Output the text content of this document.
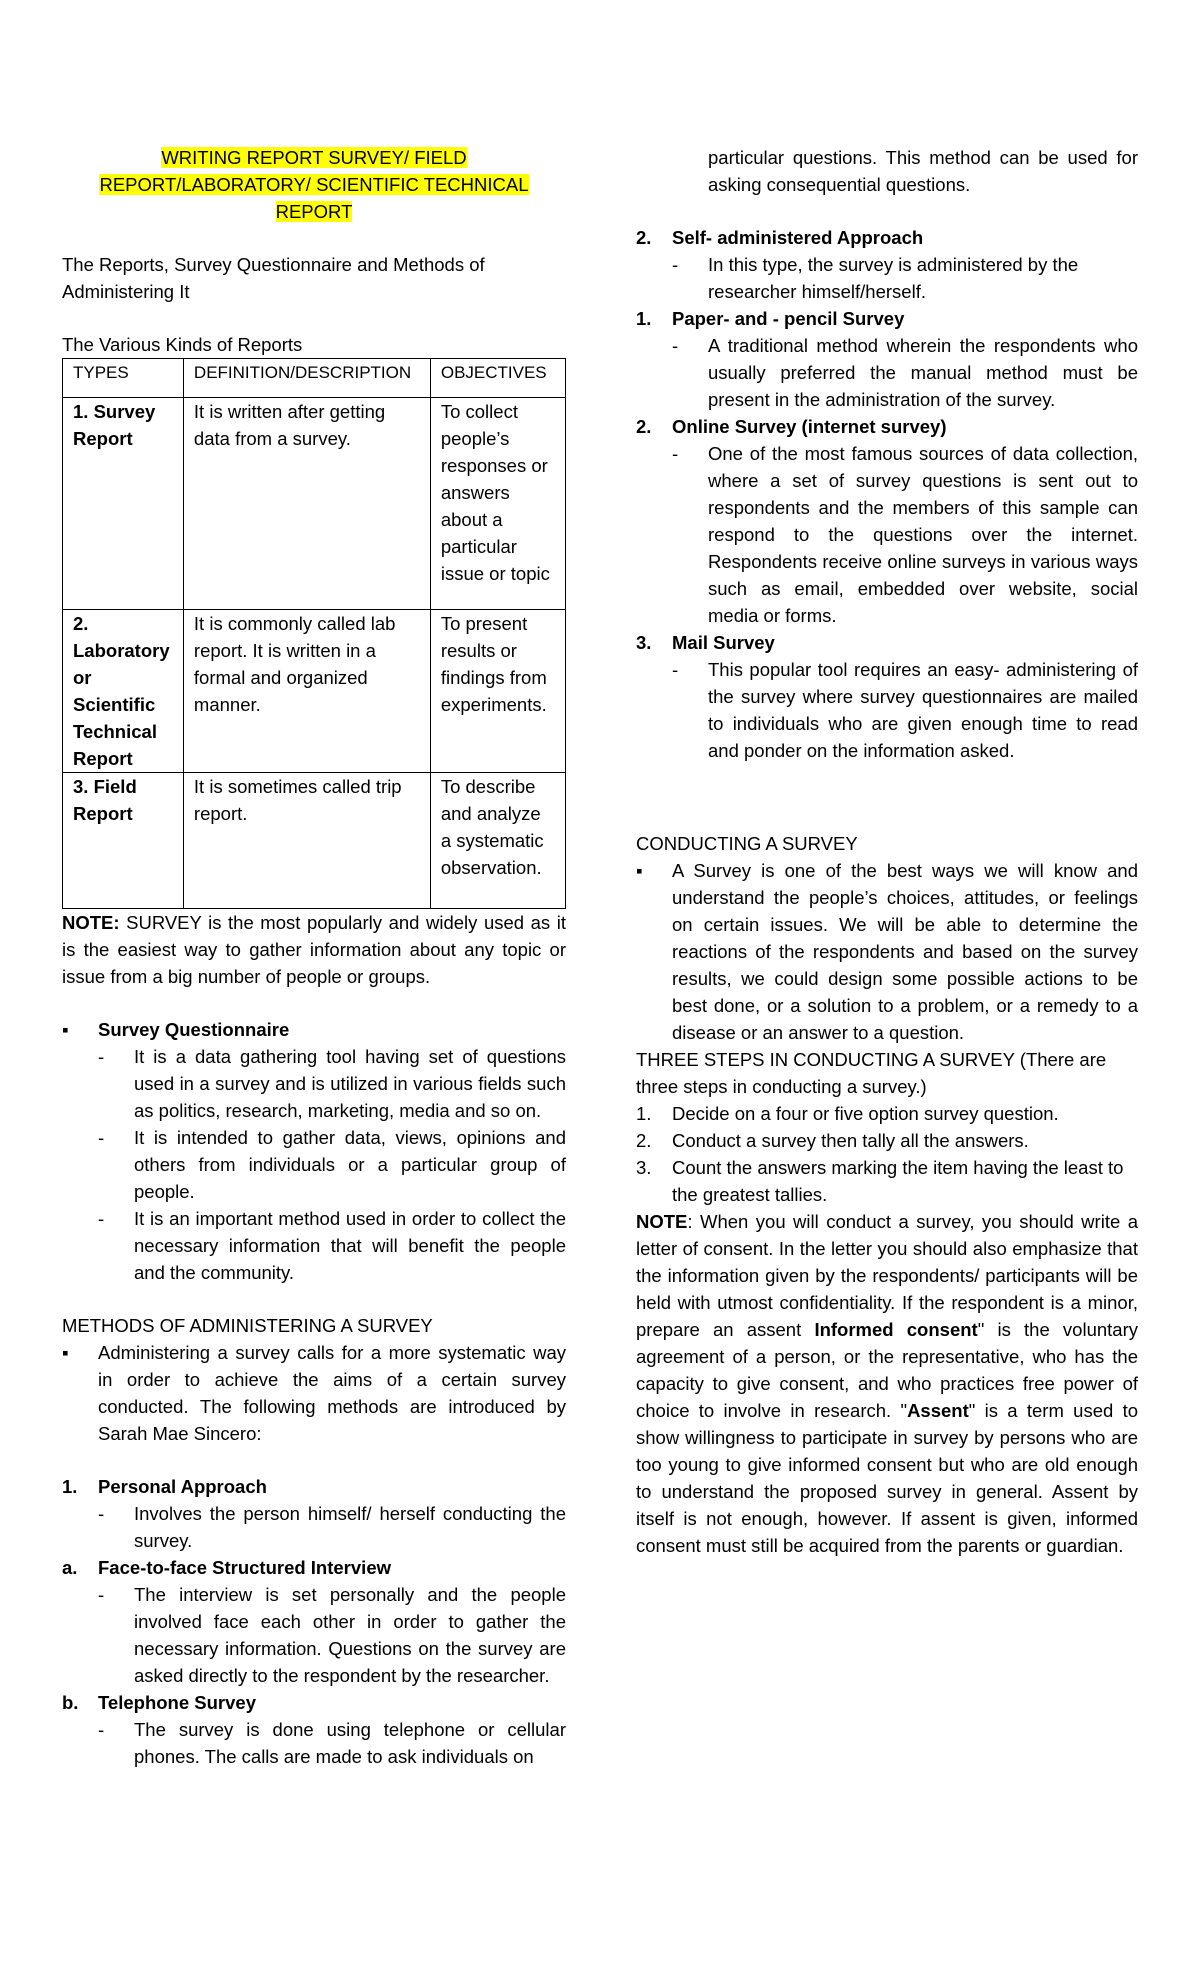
WRITING REPORT SURVEY/ FIELD
REPORT/LABORATORY/ SCIENTIFIC TECHNICAL REPORT

The Reports, Survey Questionnaire and Methods of Administering It

The Various Kinds of Reports

TYPES	DEFINITION/DESCRIPTION	OBJECTIVES
1. Survey Report	It is written after getting data from a survey.	To collect people’s responses or answers about a particular issue or topic
2. Laboratory or Scientific Technical Report	It is commonly called lab report. It is written in a formal and organized manner.	To present results or findings from experiments.
3. Field Report	It is sometimes called trip report.	To describe and analyze a systematic observation.

NOTE: SURVEY is the most popularly and widely used as it is the easiest way to gather information about any topic or issue from a big number of people or groups.

▪	Survey Questionnaire
-	It is a data gathering tool having set of questions used in a survey and is utilized in various fields such as politics, research, marketing, media and so on.
-	It is intended to gather data, views, opinions and others from individuals or a particular group of people.
-	It is an important method used in order to collect the necessary information that will benefit the people and the community.

METHODS OF ADMINISTERING A SURVEY

▪	Administering a survey calls for a more systematic way in order to achieve the aims of a certain survey conducted. The following methods are introduced by Sarah Mae Sincero:
1.	Personal Approach
-	Involves the person himself/ herself conducting the survey.
a.	Face-to-face Structured Interview
-	The interview is set personally and the people involved face each other in order to gather the necessary information. Questions on the survey are asked directly to the respondent by the researcher.
b.	Telephone Survey
-	The survey is done using telephone or cellular phones. The calls are made to ask individuals on
particular questions. This method can be used for asking consequential questions.
2.	Self- administered Approach
-	In this type, the survey is administered by the researcher himself/herself.
1.	Paper- and - pencil Survey
-	A traditional method wherein the respondents who usually preferred the manual method must be present in the administration of the survey.
2.	Online Survey (internet survey)
-	One of the most famous sources of data collection, where a set of survey questions is sent out to respondents and the members of this sample can respond to the questions over the internet. Respondents receive online surveys in various ways such as email, embedded over website, social media or forms.
3.	Mail Survey
-	This popular tool requires an easy- administering of the survey where survey questionnaires are mailed to individuals who are given enough time to read and ponder on the information asked.

CONDUCTING A SURVEY

▪	A Survey is one of the best ways we will know and understand the people’s choices, attitudes, or feelings on certain issues. We will be able to determine the reactions of the respondents and based on the survey results, we could design some possible actions to be best done, or a solution to a problem, or a remedy to a disease or an answer to a question.

THREE STEPS IN CONDUCTING A SURVEY (There are three steps in conducting a survey.)

1.	Decide on a four or five option survey question.
2.	Conduct a survey then tally all the answers.
3.	Count the answers marking the item having the least to the greatest tallies.

NOTE: When you will conduct a survey, you should write a letter of consent. In the letter you should also emphasize that the information given by the respondents/ participants will be held with utmost confidentiality. If the respondent is a minor, prepare an assent Informed consent" is the voluntary agreement of a person, or the representative, who has the capacity to give consent, and who practices free power of choice to involve in research. "Assent" is a term used to show willingness to participate in survey by persons who are too young to give informed consent but who are old enough to understand the proposed survey in general. Assent by itself is not enough, however. If assent is given, informed consent must still be acquired from the parents or guardian.
